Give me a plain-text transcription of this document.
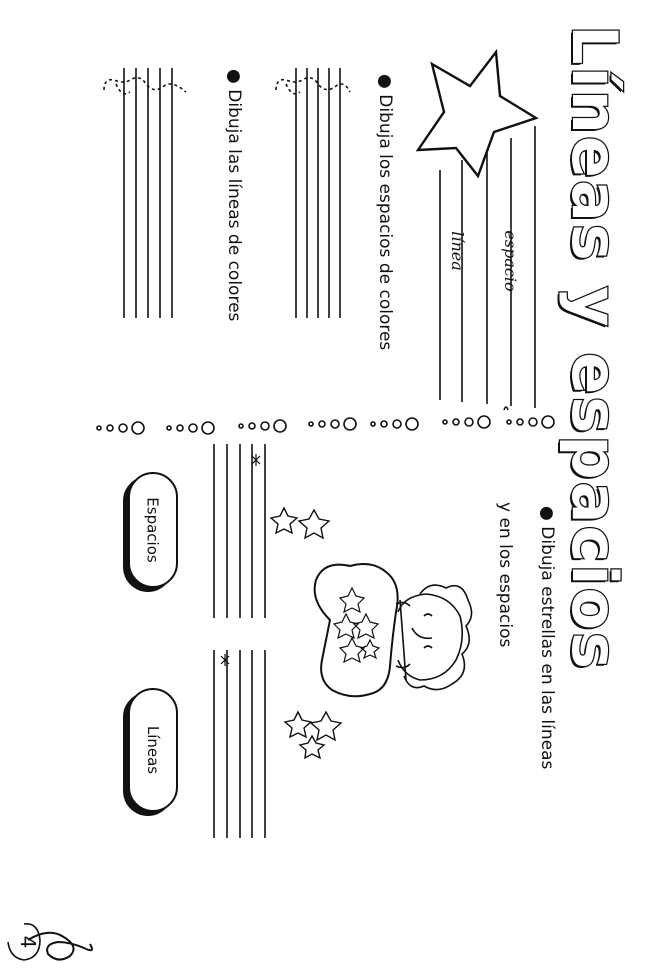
Líneas y espacios
espacio
línea
● Dibuja los espacios de colores
● Dibuja las líneas de colores
● Dibuja estrellas en las líneas
y en los espacios
Espacios
Líneas
4
